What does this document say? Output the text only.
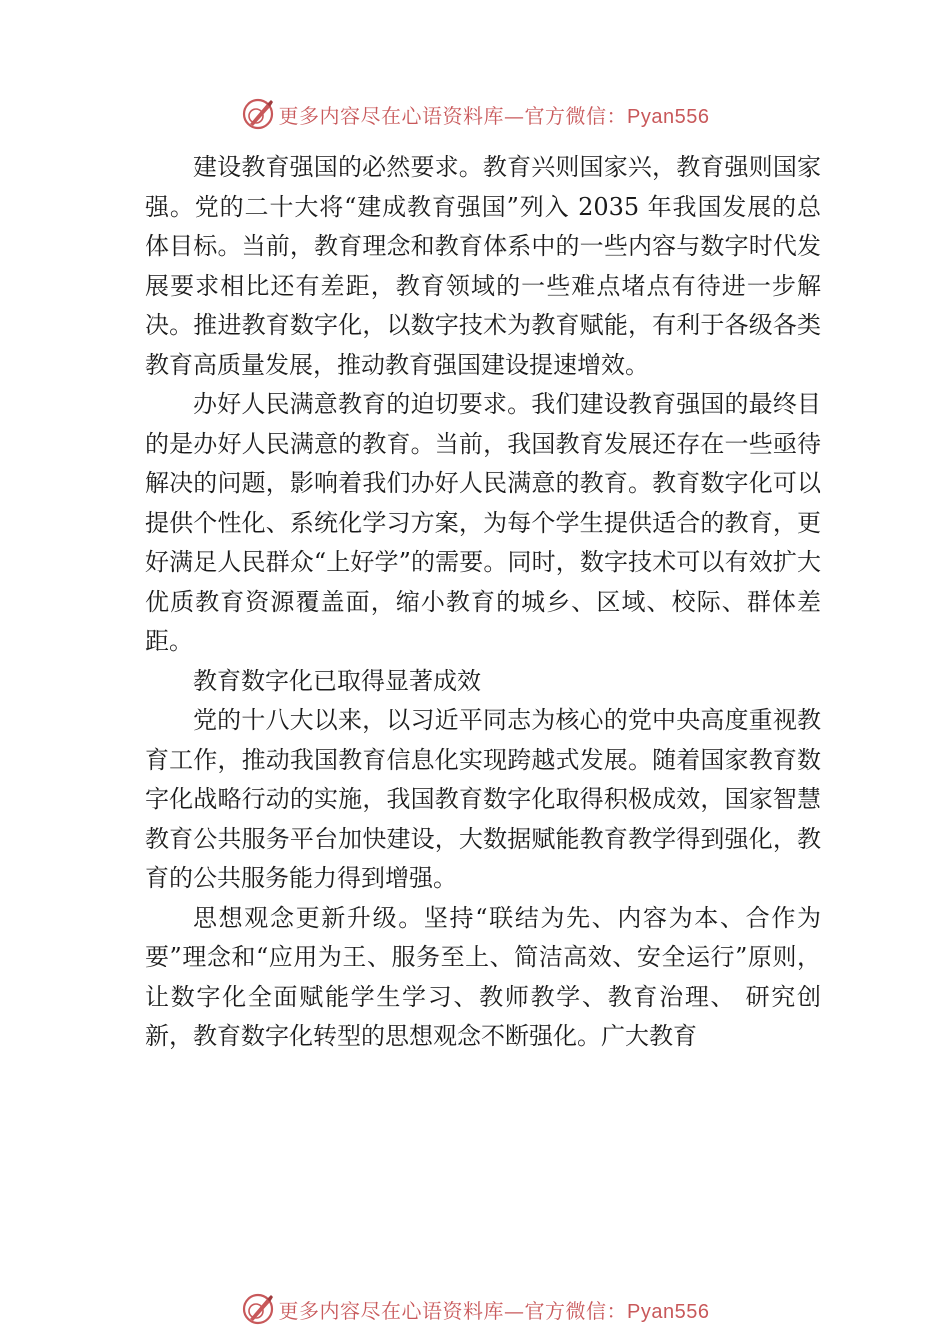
更多内容尽在心语资料库—官方微信：Pyan556

建设教育强国的必然要求。教育兴则国家兴，教育强则国家强。党的二十大将“建成教育强国”列入 2035 年我国发展的总体目标。当前，教育理念和教育体系中的一些内容与数字时代发展要求相比还有差距，教育领域的一些难点堵点有待进一步解决。推进教育数字化，以数字技术为教育赋能，有利于各级各类教育高质量发展，推动教育强国建设提速增效。

办好人民满意教育的迫切要求。我们建设教育强国的最终目的是办好人民满意的教育。当前，我国教育发展还存在一些亟待解决的问题，影响着我们办好人民满意的教育。教育数字化可以提供个性化、系统化学习方案，为每个学生提供适合的教育，更好满足人民群众“上好学”的需要。同时，数字技术可以有效扩大优质教育资源覆盖面，缩小教育的城乡、区域、校际、群体差距。

教育数字化已取得显著成效

党的十八大以来，以习近平同志为核心的党中央高度重视教育工作，推动我国教育信息化实现跨越式发展。随着国家教育数字化战略行动的实施，我国教育数字化取得积极成效，国家智慧教育公共服务平台加快建设，大数据赋能教育教学得到强化，教育的公共服务能力得到增强。

思想观念更新升级。坚持“联结为先、内容为本、合作为要”理念和“应用为王、服务至上、简洁高效、安全运行”原则，让数字化全面赋能学生学习、教师教学、教育治理、 研究创新，教育数字化转型的思想观念不断强化。广大教育

更多内容尽在心语资料库—官方微信：Pyan556
